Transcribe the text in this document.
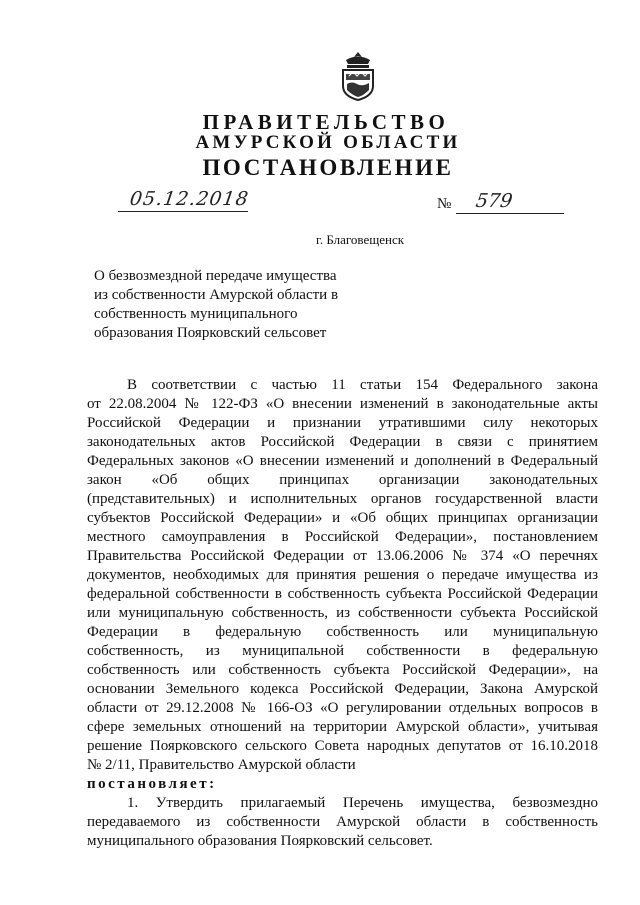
ПРАВИТЕЛЬСТВО
АМУРСКОЙ ОБЛАСТИ
ПОСТАНОВЛЕНИЕ
05.12.2018	№ 579
г. Благовещенск
О безвозмездной передаче имущества
из собственности Амурской области в
собственность муниципального
образования Поярковский сельсовет
В соответствии с частью 11 статьи 154 Федерального закона
от 22.08.2004 № 122-ФЗ «О внесении изменений в законодательные акты
Российской Федерации и признании утратившими силу некоторых
законодательных актов Российской Федерации в связи с принятием
Федеральных законов «О внесении изменений и дополнений в Федеральный
закон «Об общих принципах организации законодательных
(представительных) и исполнительных органов государственной власти
субъектов Российской Федерации» и «Об общих принципах организации
местного самоуправления в Российской Федерации», постановлением
Правительства Российской Федерации от 13.06.2006 № 374 «О перечнях
документов, необходимых для принятия решения о передаче имущества из
федеральной собственности в собственность субъекта Российской Федерации
или муниципальную собственность, из собственности субъекта Российской
Федерации в федеральную собственность или муниципальную
собственность, из муниципальной собственности в федеральную
собственность или собственность субъекта Российской Федерации», на
основании Земельного кодекса Российской Федерации, Закона Амурской
области от 29.12.2008 № 166-ОЗ «О регулировании отдельных вопросов в
сфере земельных отношений на территории Амурской области», учитывая
решение Поярковского сельского Совета народных депутатов от 16.10.2018
№ 2/11, Правительство Амурской области
постановляет:
1. Утвердить прилагаемый Перечень имущества, безвозмездно
передаваемого из собственности Амурской области в собственность
муниципального образования Поярковский сельсовет.
